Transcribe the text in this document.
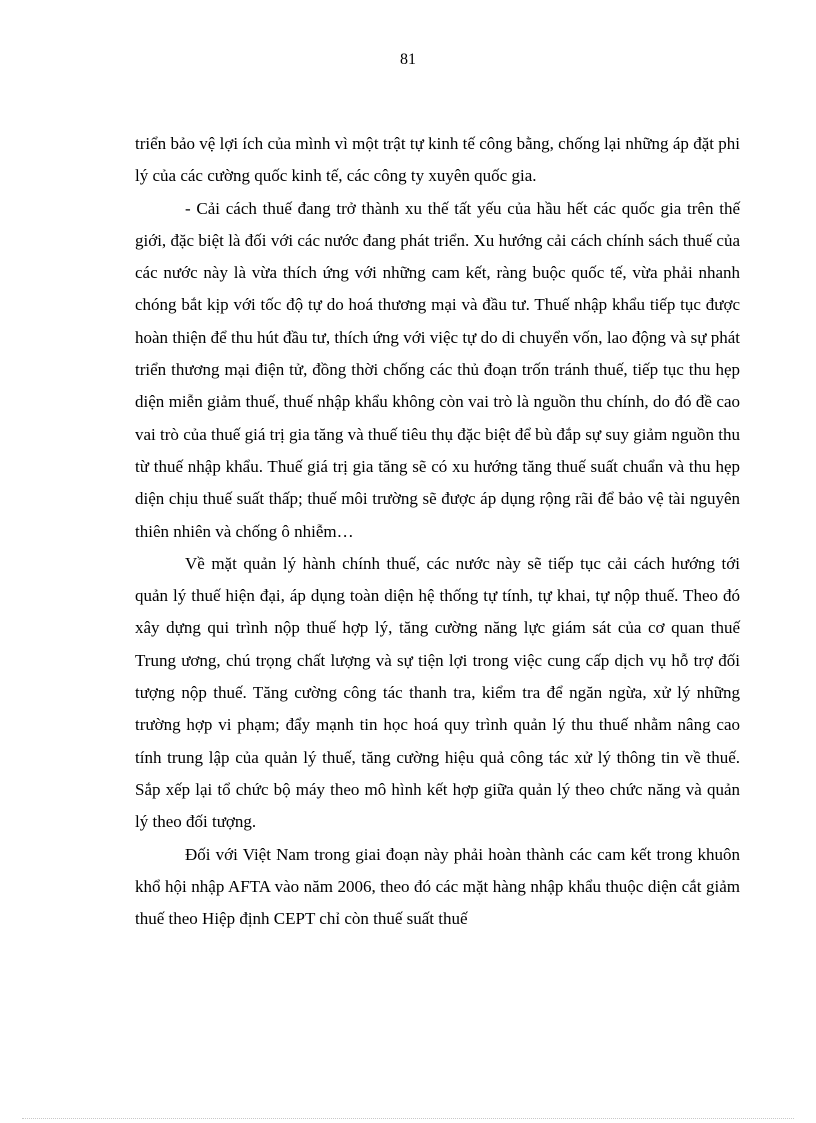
81

triển bảo vệ lợi ích của mình vì một trật tự kinh tế công bằng, chống lại những áp đặt phi lý của các cường quốc kinh tế, các công ty xuyên quốc gia.

- Cải cách thuế đang trở thành xu thế tất yếu của hầu hết các quốc gia trên thế giới, đặc biệt là đối với các nước đang phát triển. Xu hướng cải cách chính sách thuế của các nước này là vừa thích ứng với những cam kết, ràng buộc quốc tế, vừa phải nhanh chóng bắt kịp với tốc độ tự do hoá thương mại và đầu tư. Thuế nhập khẩu tiếp tục được hoàn thiện để thu hút đầu tư, thích ứng với việc tự do di chuyển vốn, lao động và sự phát triển thương mại điện tử, đồng thời chống các thủ đoạn trốn tránh thuế, tiếp tục thu hẹp diện miễn giảm thuế, thuế nhập khẩu không còn vai trò là nguồn thu chính, do đó đề cao vai trò của thuế giá trị gia tăng và thuế tiêu thụ đặc biệt để bù đắp sự suy giảm nguồn thu từ thuế nhập khẩu. Thuế giá trị gia tăng sẽ có xu hướng tăng thuế suất chuẩn và thu hẹp diện chịu thuế suất thấp; thuế môi trường sẽ được áp dụng rộng rãi để bảo vệ tài nguyên thiên nhiên và chống ô nhiễm…

Về mặt quản lý hành chính thuế, các nước này sẽ tiếp tục cải cách hướng tới quản lý thuế hiện đại, áp dụng toàn diện hệ thống tự tính, tự khai, tự nộp thuế. Theo đó xây dựng qui trình nộp thuế hợp lý, tăng cường năng lực giám sát của cơ quan thuế Trung ương, chú trọng chất lượng và sự tiện lợi trong việc cung cấp dịch vụ hỗ trợ đối tượng nộp thuế. Tăng cường công tác thanh tra, kiểm tra để ngăn ngừa, xử lý những trường hợp vi phạm; đẩy mạnh tin học hoá quy trình quản lý thu thuế nhằm nâng cao tính trung lập của quản lý thuế, tăng cường hiệu quả công tác xử lý thông tin về thuế. Sắp xếp lại tổ chức bộ máy theo mô hình kết hợp giữa quản lý theo chức năng và quản lý theo đối tượng.

Đối với Việt Nam trong giai đoạn này phải hoàn thành các cam kết trong khuôn khổ hội nhập AFTA vào năm 2006, theo đó các mặt hàng nhập khẩu thuộc diện cắt giảm thuế theo Hiệp định CEPT chỉ còn thuế suất thuế
